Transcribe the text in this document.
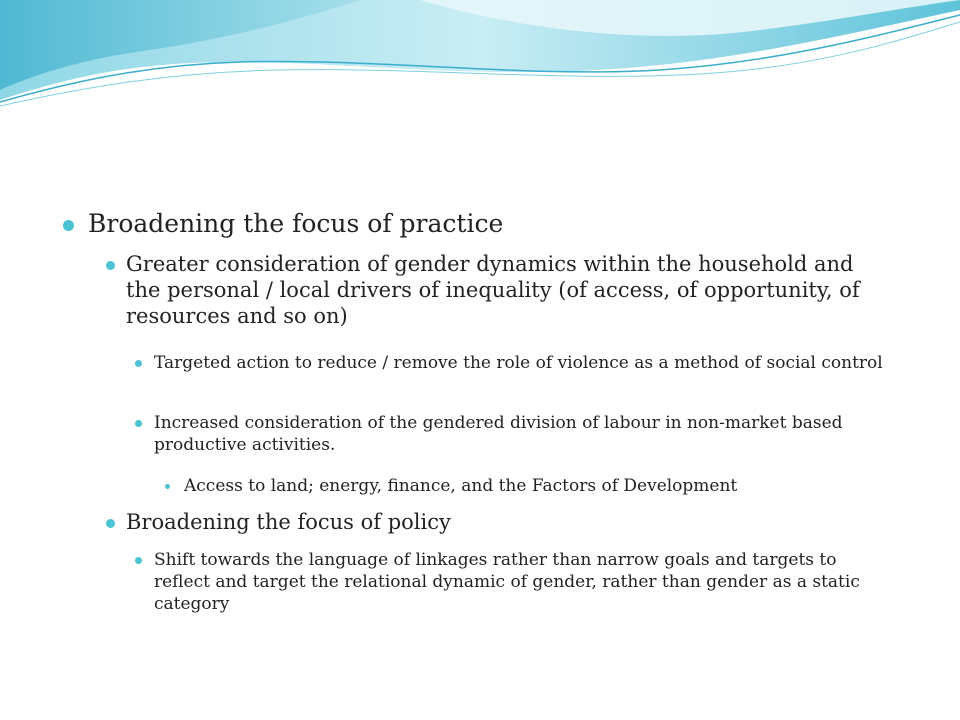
Broadening the focus of practice
Greater consideration of gender dynamics within the household and the personal / local drivers of inequality (of access, of opportunity, of resources and so on)
Targeted action to reduce / remove the role of violence as a method of social control
Increased consideration of the gendered division of labour in non-market based productive activities.
Access to land; energy, finance, and the Factors of Development
Broadening the focus of policy
Shift towards the language of linkages rather than narrow goals and targets to reflect and target the relational dynamic of gender, rather than gender as a static category
